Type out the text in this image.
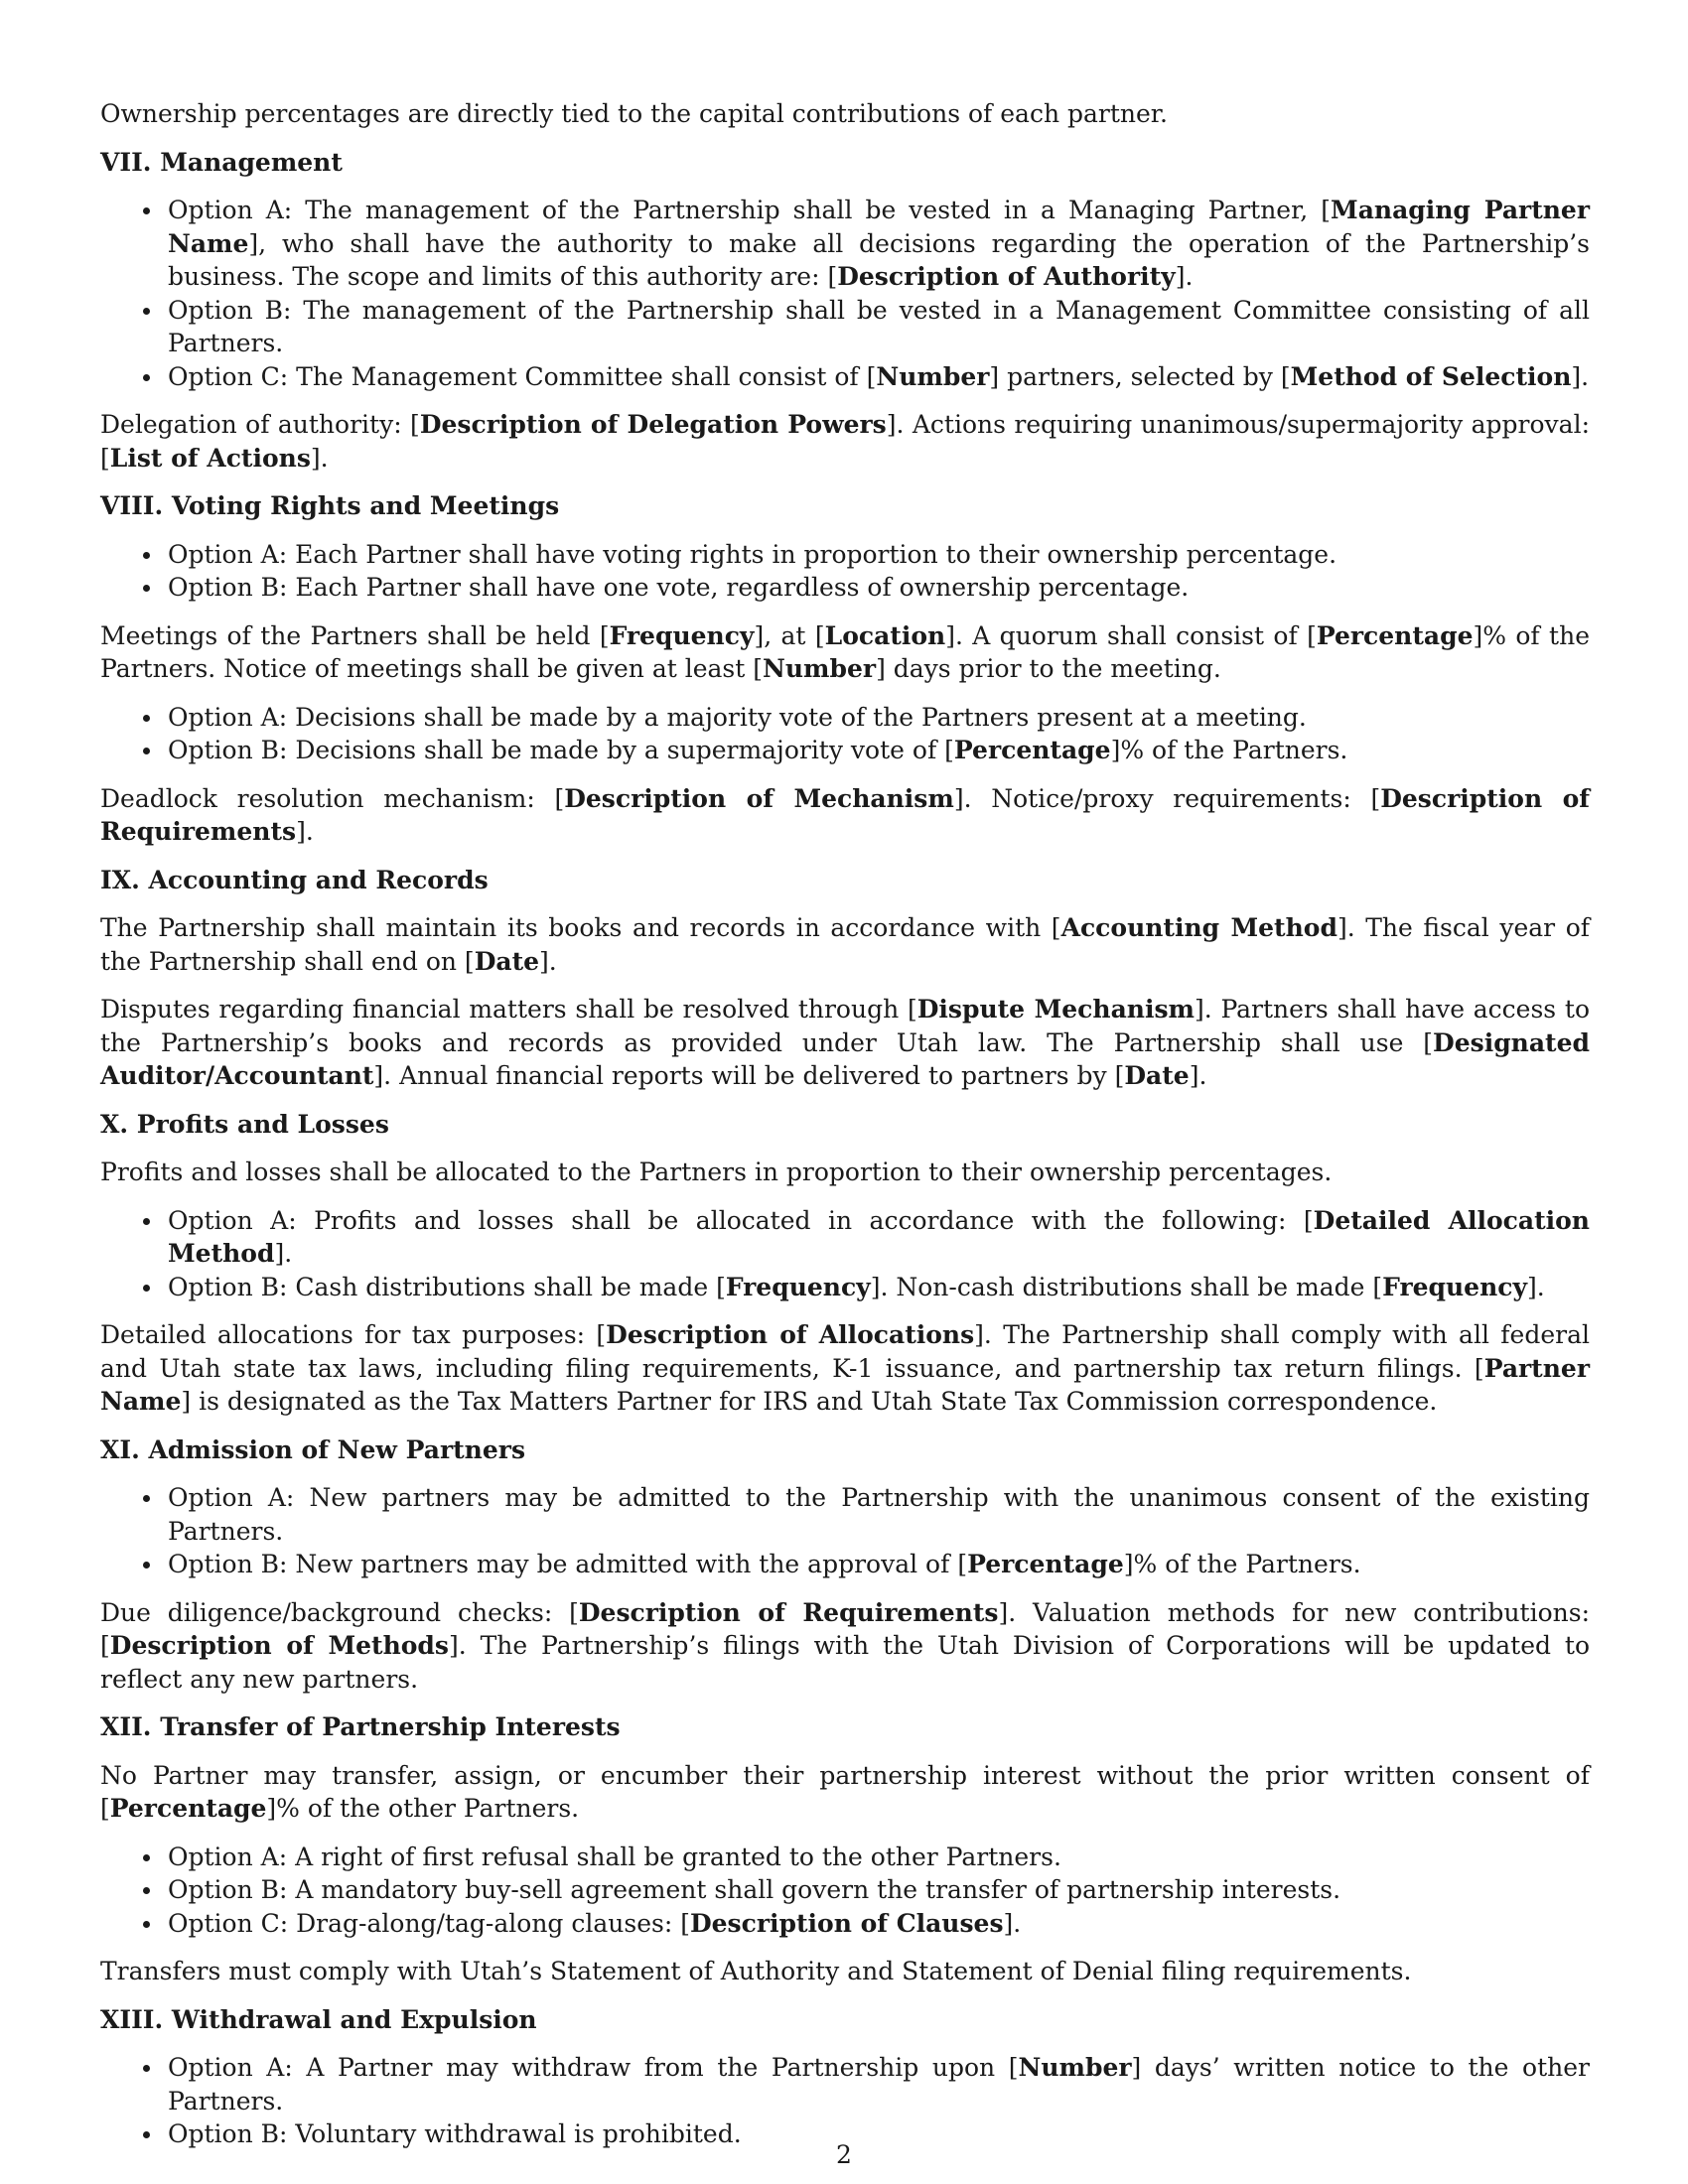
Ownership percentages are directly tied to the capital contributions of each partner.

VII. Management
Option A: The management of the Partnership shall be vested in a Managing Partner, [Managing Partner Name], who shall have the authority to make all decisions regarding the operation of the Partnership’s business. The scope and limits of this authority are: [Description of Authority].
Option B: The management of the Partnership shall be vested in a Management Committee consisting of all Partners.
Option C: The Management Committee shall consist of [Number] partners, selected by [Method of Selection].

Delegation of authority: [Description of Delegation Powers]. Actions requiring unanimous/supermajority approval: [List of Actions].

VIII. Voting Rights and Meetings
Option A: Each Partner shall have voting rights in proportion to their ownership percentage.
Option B: Each Partner shall have one vote, regardless of ownership percentage.

Meetings of the Partners shall be held [Frequency], at [Location]. A quorum shall consist of [Percentage]% of the Partners. Notice of meetings shall be given at least [Number] days prior to the meeting.

Option A: Decisions shall be made by a majority vote of the Partners present at a meeting.
Option B: Decisions shall be made by a supermajority vote of [Percentage]% of the Partners.

Deadlock resolution mechanism: [Description of Mechanism]. Notice/proxy requirements: [Description of Requirements].

IX. Accounting and Records

The Partnership shall maintain its books and records in accordance with [Accounting Method]. The fiscal year of the Partnership shall end on [Date].

Disputes regarding financial matters shall be resolved through [Dispute Mechanism]. Partners shall have access to the Partnership’s books and records as provided under Utah law. The Partnership shall use [Designated Auditor/Accountant]. Annual financial reports will be delivered to partners by [Date].

X. Profits and Losses

Profits and losses shall be allocated to the Partners in proportion to their ownership percentages.

Option A: Profits and losses shall be allocated in accordance with the following: [Detailed Allocation Method].
Option B: Cash distributions shall be made [Frequency]. Non-cash distributions shall be made [Frequency].

Detailed allocations for tax purposes: [Description of Allocations]. The Partnership shall comply with all federal and Utah state tax laws, including filing requirements, K-1 issuance, and partnership tax return filings. [Partner Name] is designated as the Tax Matters Partner for IRS and Utah State Tax Commission correspondence.

XI. Admission of New Partners
Option A: New partners may be admitted to the Partnership with the unanimous consent of the existing Partners.
Option B: New partners may be admitted with the approval of [Percentage]% of the Partners.

Due diligence/background checks: [Description of Requirements]. Valuation methods for new contributions: [Description of Methods]. The Partnership’s filings with the Utah Division of Corporations will be updated to reflect any new partners.

XII. Transfer of Partnership Interests

No Partner may transfer, assign, or encumber their partnership interest without the prior written consent of [Percentage]% of the other Partners.

Option A: A right of first refusal shall be granted to the other Partners.
Option B: A mandatory buy-sell agreement shall govern the transfer of partnership interests.
Option C: Drag-along/tag-along clauses: [Description of Clauses].

Transfers must comply with Utah’s Statement of Authority and Statement of Denial filing requirements.

XIII. Withdrawal and Expulsion
Option A: A Partner may withdraw from the Partnership upon [Number] days’ written notice to the other Partners.
Option B: Voluntary withdrawal is prohibited.
2
